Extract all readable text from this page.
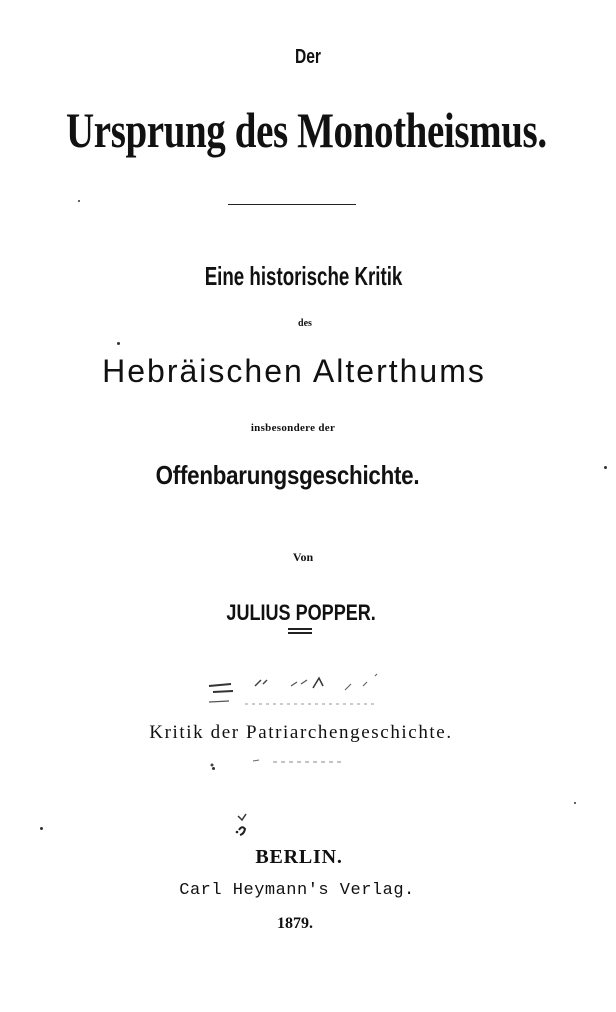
Der
Ursprung des Monotheismus.
Eine historische Kritik
des
Hebräischen Alterthums
insbesondere der
Offenbarungsgeschichte.
Von
JULIUS POPPER.
Kritik der Patriarchengeschichte.
BERLIN.
Carl Heymann's Verlag.
1879.
